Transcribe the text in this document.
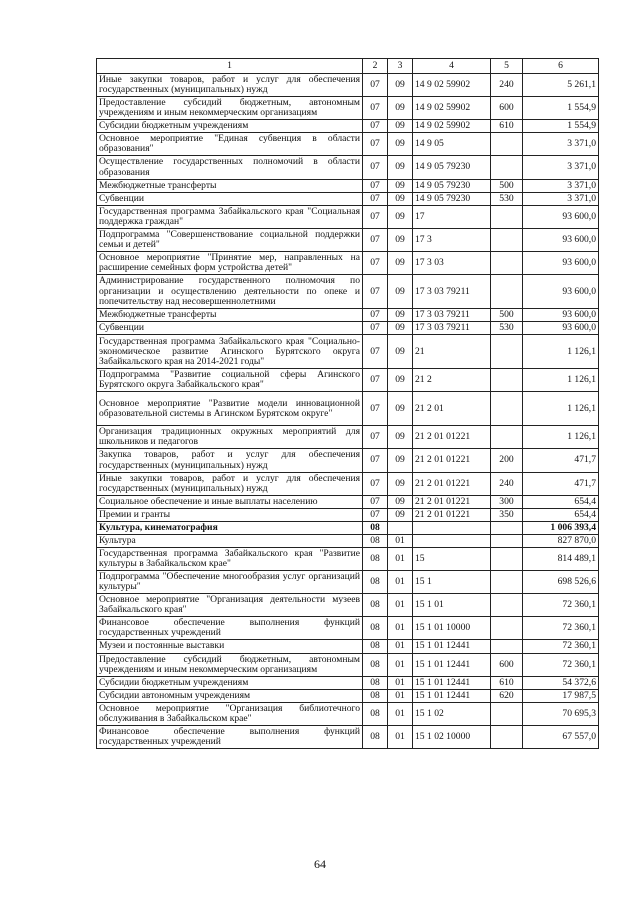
1	2	3	4	5	6
Иные закупки товаров, работ и услуг для обеспечения государственных (муниципальных) нужд	07	09	14 9 02 59902	240	5 261,1
Предоставление субсидий бюджетным, автономным учреждениям и иным некоммерческим организациям	07	09	14 9 02 59902	600	1 554,9
Субсидии бюджетным учреждениям	07	09	14 9 02 59902	610	1 554,9
Основное мероприятие "Единая субвенция в области образования"	07	09	14 9 05		3 371,0
Осуществление государственных полномочий в области образования	07	09	14 9 05 79230		3 371,0
Межбюджетные трансферты	07	09	14 9 05 79230	500	3 371,0
Субвенции	07	09	14 9 05 79230	530	3 371,0
Государственная программа Забайкальского края "Социальная поддержка граждан"	07	09	17		93 600,0
Подпрограмма "Совершенствование социальной поддержки семьи и детей"	07	09	17 3		93 600,0
Основное мероприятие "Принятие мер, направленных на расширение семейных форм устройства детей"	07	09	17 3 03		93 600,0
Администрирование государственного полномочия по организации и осуществлению деятельности по опеке и попечительству над несовершеннолетними	07	09	17 3 03 79211		93 600,0
Межбюджетные трансферты	07	09	17 3 03 79211	500	93 600,0
Субвенции	07	09	17 3 03 79211	530	93 600,0
Государственная программа Забайкальского края "Социально-экономическое развитие Агинского Бурятского округа Забайкальского края на 2014-2021 годы"	07	09	21		1 126,1
Подпрограмма "Развитие социальной сферы Агинского Бурятского округа Забайкальского края"	07	09	21 2		1 126,1
Основное мероприятие "Развитие модели инновационной образовательной системы в Агинском Бурятском округе"	07	09	21 2 01		1 126,1
Организация традиционных окружных мероприятий для школьников и педагогов	07	09	21 2 01 01221		1 126,1
Закупка товаров, работ и услуг для обеспечения государственных (муниципальных) нужд	07	09	21 2 01 01221	200	471,7
Иные закупки товаров, работ и услуг для обеспечения государственных (муниципальных) нужд	07	09	21 2 01 01221	240	471,7
Социальное обеспечение и иные выплаты населению	07	09	21 2 01 01221	300	654,4
Премии и гранты	07	09	21 2 01 01221	350	654,4
Культура, кинематография	08				1 006 393,4
Культура	08	01			827 870,0
Государственная программа Забайкальского края "Развитие культуры в Забайкальском крае"	08	01	15		814 489,1
Подпрограмма "Обеспечение многообразия услуг организаций культуры"	08	01	15 1		698 526,6
Основное мероприятие "Организация деятельности музеев Забайкальского края"	08	01	15 1 01		72 360,1
Финансовое обеспечение выполнения функций государственных учреждений	08	01	15 1 01 10000		72 360,1
Музеи и постоянные выставки	08	01	15 1 01 12441		72 360,1
Предоставление субсидий бюджетным, автономным учреждениям и иным некоммерческим организациям	08	01	15 1 01 12441	600	72 360,1
Субсидии бюджетным учреждениям	08	01	15 1 01 12441	610	54 372,6
Субсидии автономным учреждениям	08	01	15 1 01 12441	620	17 987,5
Основное мероприятие "Организация библиотечного обслуживания в Забайкальском крае"	08	01	15 1 02		70 695,3
Финансовое обеспечение выполнения функций государственных учреждений	08	01	15 1 02 10000		67 557,0
64
